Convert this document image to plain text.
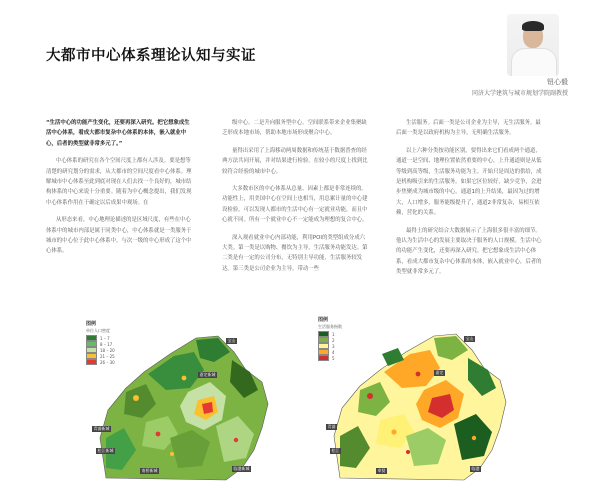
大都市中心体系理论认知与实证
钮心毅
同济大学建筑与城市规划学院副教授

“生活中心的功能产生变化，还要再深入研究。把它想象成生活中心体系，看成大都市复杂中心体系的本体，嵌入就业中心，后者的类型就非常多元了。”

中心体系的研究在各个空间尺度上都有人涉及。要是想等清楚的研究划分的需求，从大都市的空间尺度看中心体系。理解城市中心体系至此到底对现在人们去找一个良好的，城市结构体系的中心来说十分重要。随着为中心概念提出，我们发现中心体系作用在于确定以后成果中观场。在

从形态来看，中心地理论描述的是区域尺度，有些在中心体系中的城市内部是属于同类中心，中心体系就是一类服务于城市的中心位于此中心体系中，与次一级的中心形成了这个中心体系。

级中心。二是升向服务型中心。空间联系带来企业集聚缺乏形成本地市场，帮助本地市场形成聚合中心。

量得出采用了上海移动两周数据和传统基于数据普查的经典方法共同开展，并对结果进行检验。在较小的尺度上找到比较符合经验的城市中心。

大多数市区的中心体系从总量、因素上都是非常连续的。功能性上，用美国中心在空间上也相当，用总累计量的中心建设检验，可以发现人都市的生活中心有一定就业功能，而且中心就不同。所有一个就业中心不一定能成为理想的复合中心。

深入观看就业中心内部功能，利用POI的类型组成分成六大类。第一类是以购物、餐饮为主导，生活服务功能发达。第二类是有一定的公司分布，无特别主导功能，生活服务较发达。第三类是公司企业为主导，带动一些

生活服务。后面一类是公司企业为主导，无生活服务。最后面一类是以政府机构为主导，无明确生活服务。

以上六种分类按功能区别，要得出来它们看成两个通道，通道一是空间、地理位置依然重要的中心，上升通道则是从低等级到高等级，生活服务功能为主。开始只是周边的供给，成是机构吸引来的生活服务。如果它区位较好，缺少竞争，会进步焦聚成为城市级的中心。通道1的上升结果，最因为过的增大，人口增多，服务能级提升了，通道2非常复杂，易相互依赖，营化的关系。

最得土的研究结合大数据展示了上海很多很丰富的细节。他认为生活中心的发展主要取决于服务的人口规模。生活中心的功能产生变化，还要再深入研究。把它想象成生活中心体系，看成大都市复杂中心体系的本体，嵌入就业中心，后者的类型就非常多元了。

图例
单位人口密度
1 – 7
8 – 17
18 – 20
21 – 25
26 – 30
嘉定新城
宝山
青浦新城
松江新城
南桥新城	临港新城
图例
生活服务指数
1
2
3
4
5
嘉定
宝山
青浦
松江
奉贤	临港
